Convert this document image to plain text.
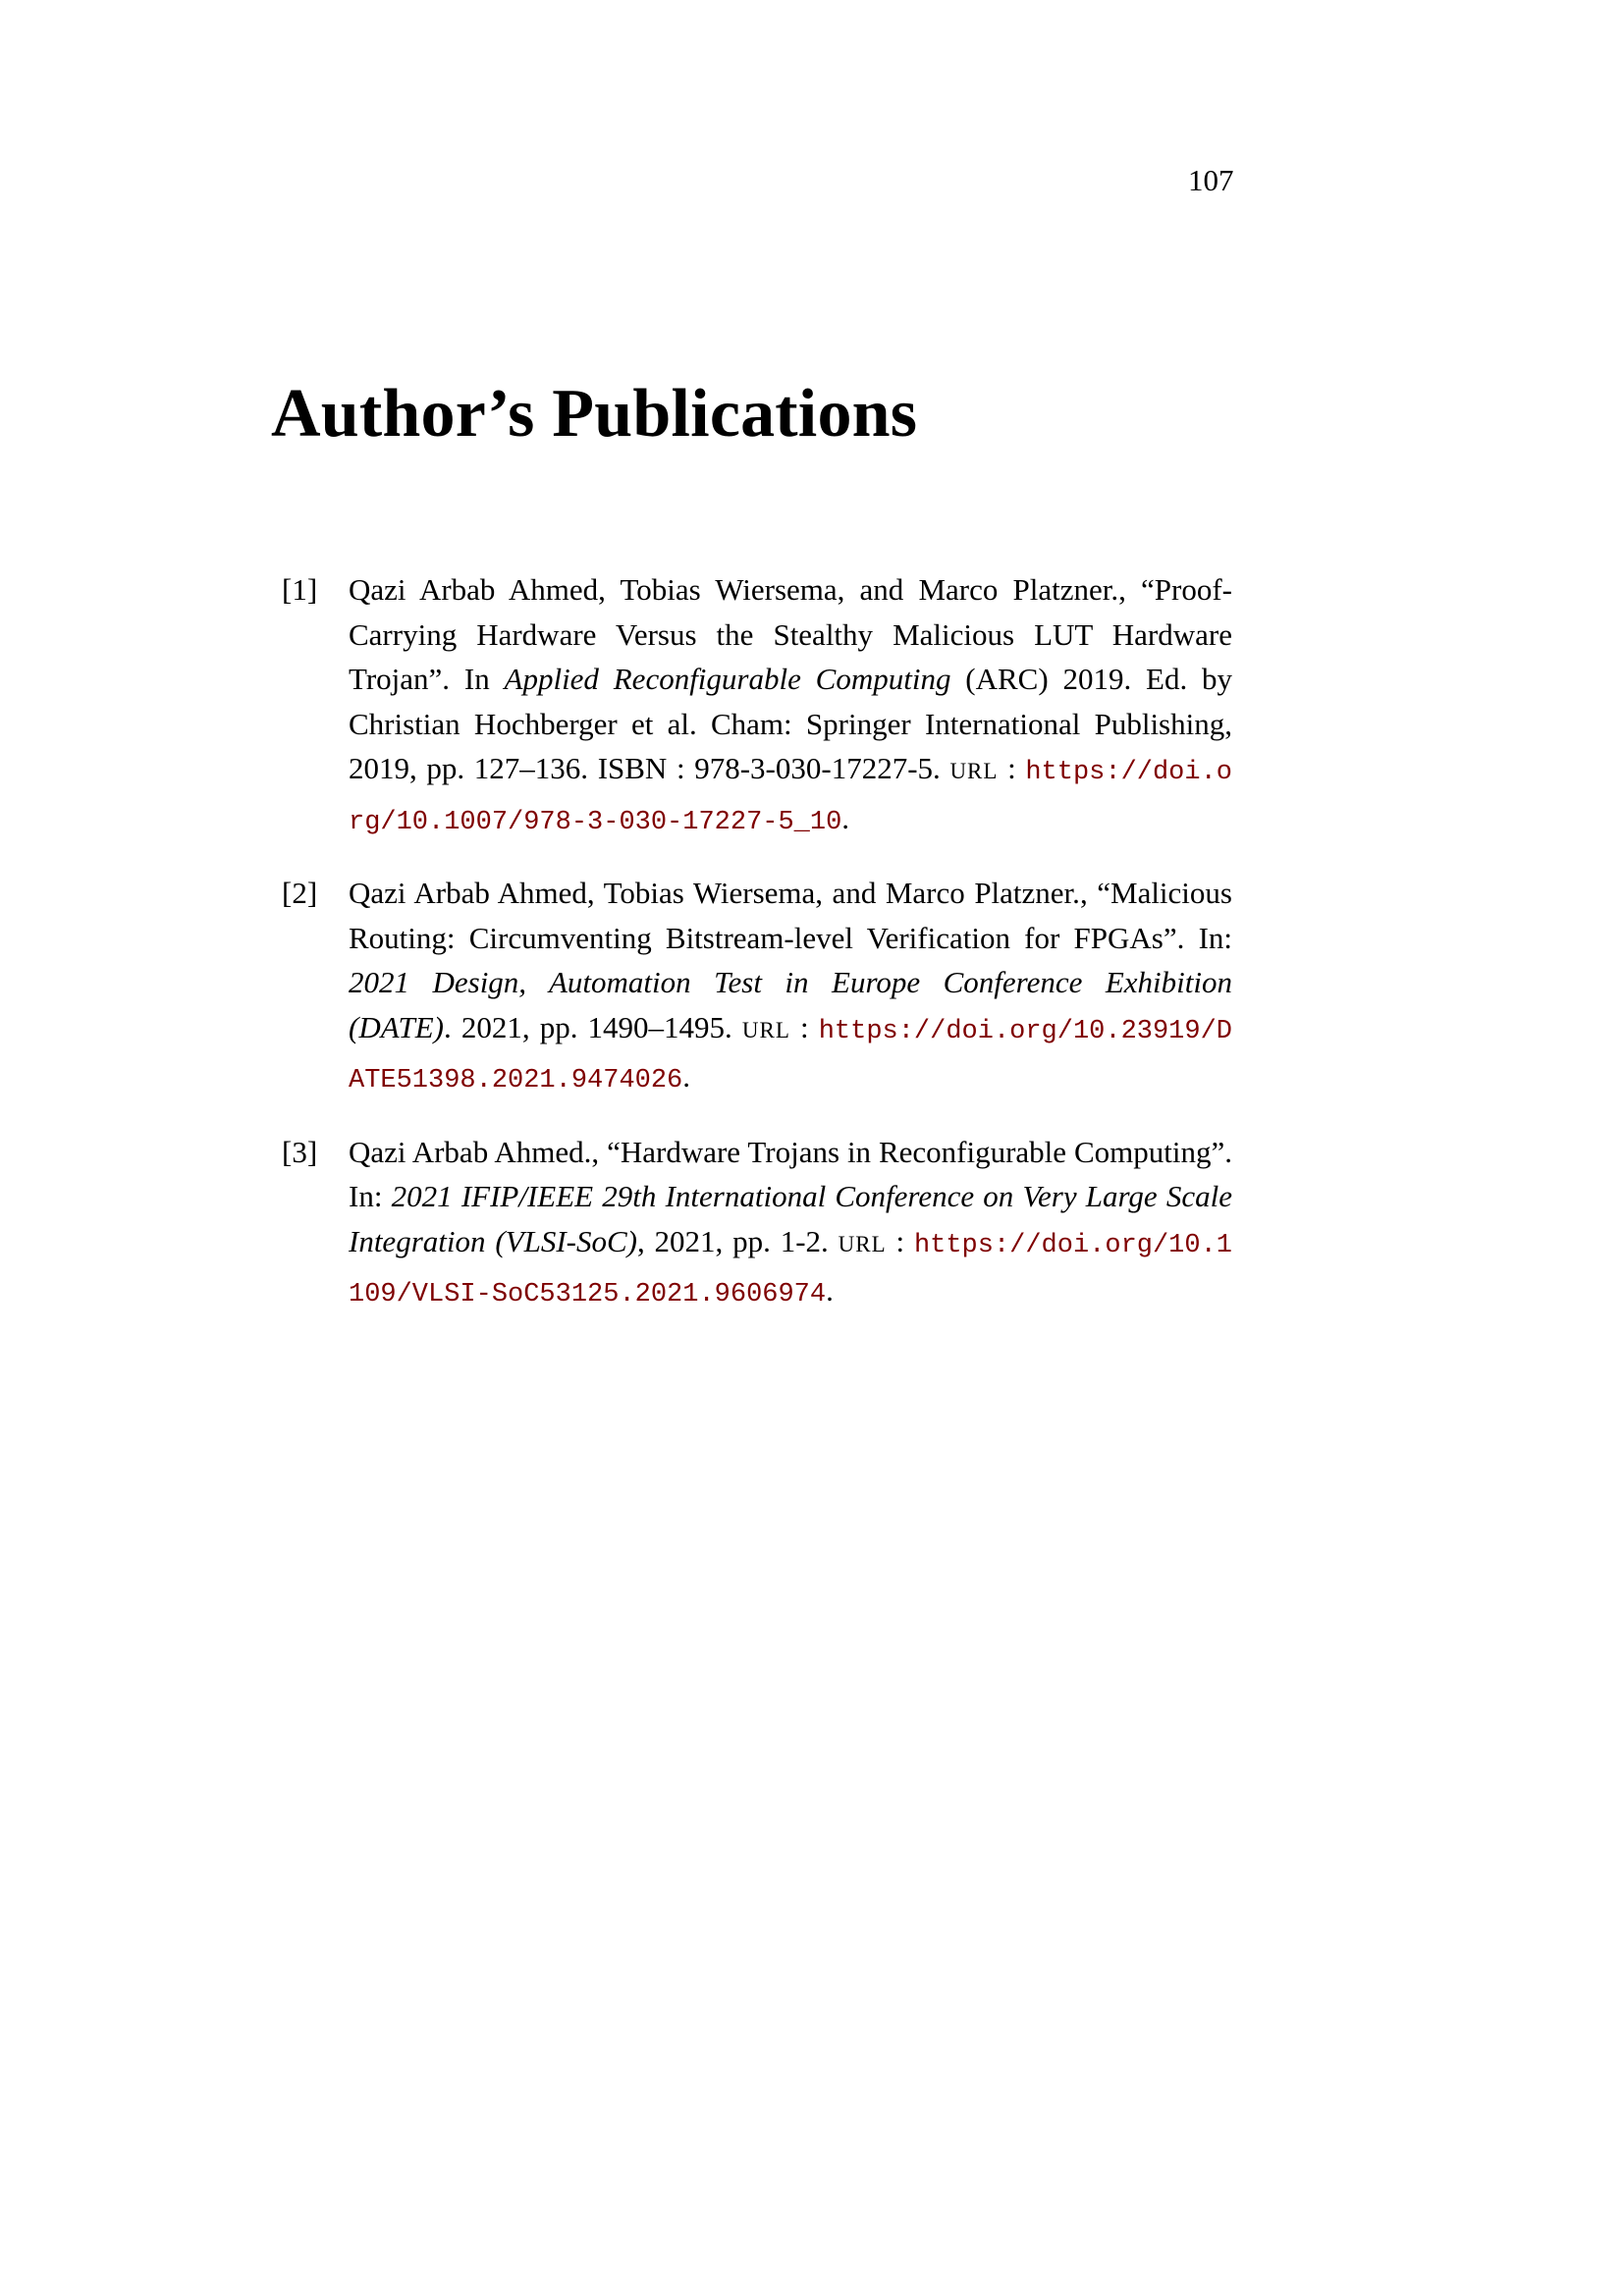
107
Author’s Publications
[1] Qazi Arbab Ahmed, Tobias Wiersema, and Marco Platzner., “Proof-Carrying Hardware Versus the Stealthy Malicious LUT Hardware Trojan”. In Applied Reconfigurable Computing (ARC) 2019. Ed. by Christian Hochberger et al. Cham: Springer International Publishing, 2019, pp. 127–136. ISBN : 978-3-030-17227-5. URL : https://doi.org/10.1007/978-3-030-17227-5_10.
[2] Qazi Arbab Ahmed, Tobias Wiersema, and Marco Platzner., “Malicious Routing: Circumventing Bitstream-level Verification for FPGAs”. In: 2021 Design, Automation Test in Europe Conference Exhibition (DATE). 2021, pp. 1490–1495. URL : https://doi.org/10.23919/DATE51398.2021.9474026.
[3] Qazi Arbab Ahmed., “Hardware Trojans in Reconfigurable Computing”. In: 2021 IFIP/IEEE 29th International Conference on Very Large Scale Integration (VLSI-SoC), 2021, pp. 1-2. URL : https://doi.org/10.1109/VLSI-SoC53125.2021.9606974.
